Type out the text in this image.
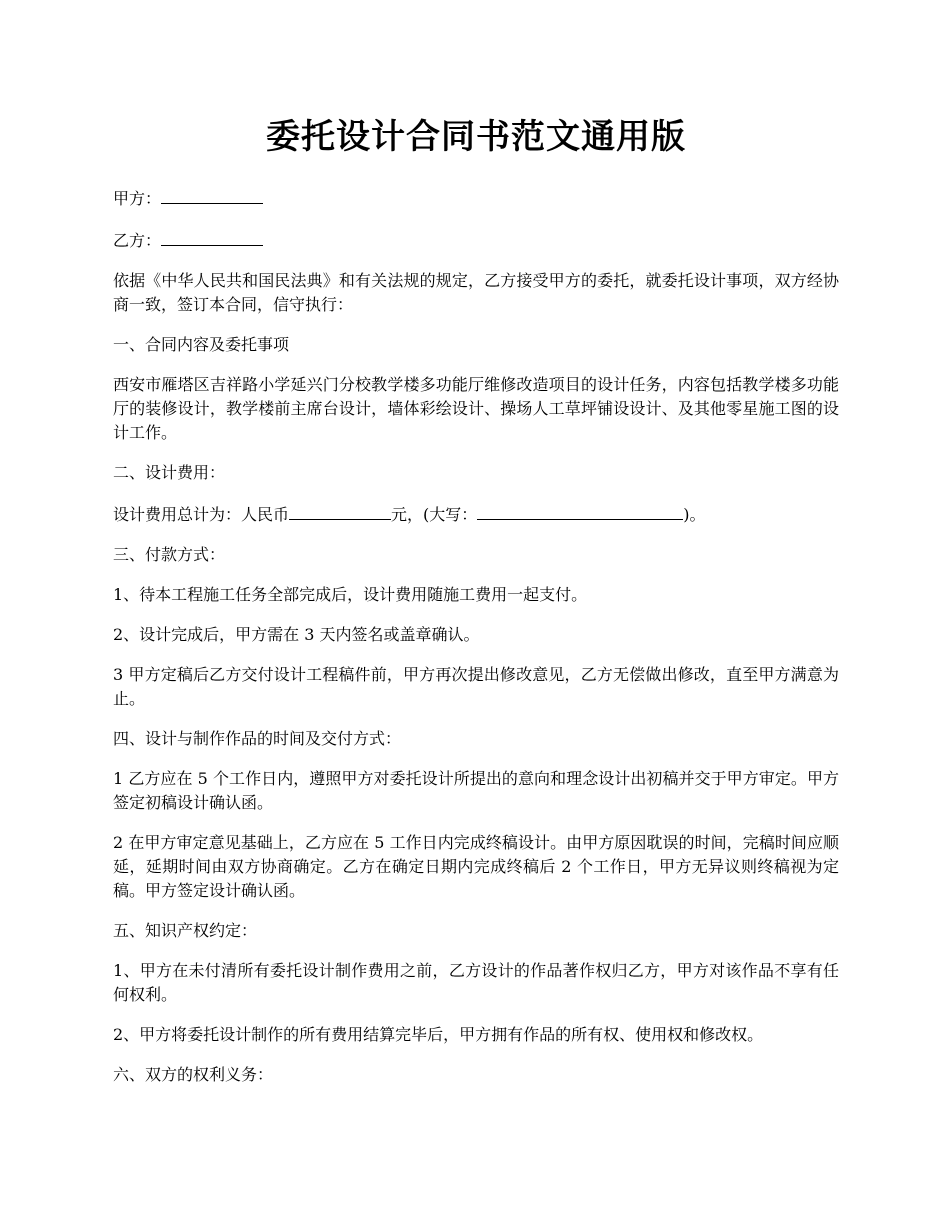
委托设计合同书范文通用版

甲方：

乙方：

依据《中华人民共和国民法典》和有关法规的规定，乙方接受甲方的委托，就委托设计事项，双方经协商一致，签订本合同，信守执行：

一、合同内容及委托事项

西安市雁塔区吉祥路小学延兴门分校教学楼多功能厅维修改造项目的设计任务，内容包括教学楼多功能厅的装修设计，教学楼前主席台设计，墙体彩绘设计、操场人工草坪铺设设计、及其他零星施工图的设计工作。

二、设计费用：

设计费用总计为：人民币	元，(大写：	)。

三、付款方式：

1、待本工程施工任务全部完成后，设计费用随施工费用一起支付。

2、设计完成后，甲方需在 3 天内签名或盖章确认。

3 甲方定稿后乙方交付设计工程稿件前，甲方再次提出修改意见，乙方无偿做出修改，直至甲方满意为止。

四、设计与制作作品的时间及交付方式：

1 乙方应在 5 个工作日内，遵照甲方对委托设计所提出的意向和理念设计出初稿并交于甲方审定。甲方签定初稿设计确认函。

2 在甲方审定意见基础上，乙方应在 5 工作日内完成终稿设计。由甲方原因耽误的时间，完稿时间应顺延，延期时间由双方协商确定。乙方在确定日期内完成终稿后 2 个工作日，甲方无异议则终稿视为定稿。甲方签定设计确认函。

五、知识产权约定：

1、甲方在未付清所有委托设计制作费用之前，乙方设计的作品著作权归乙方，甲方对该作品不享有任何权利。

2、甲方将委托设计制作的所有费用结算完毕后，甲方拥有作品的所有权、使用权和修改权。

六、双方的权利义务：
